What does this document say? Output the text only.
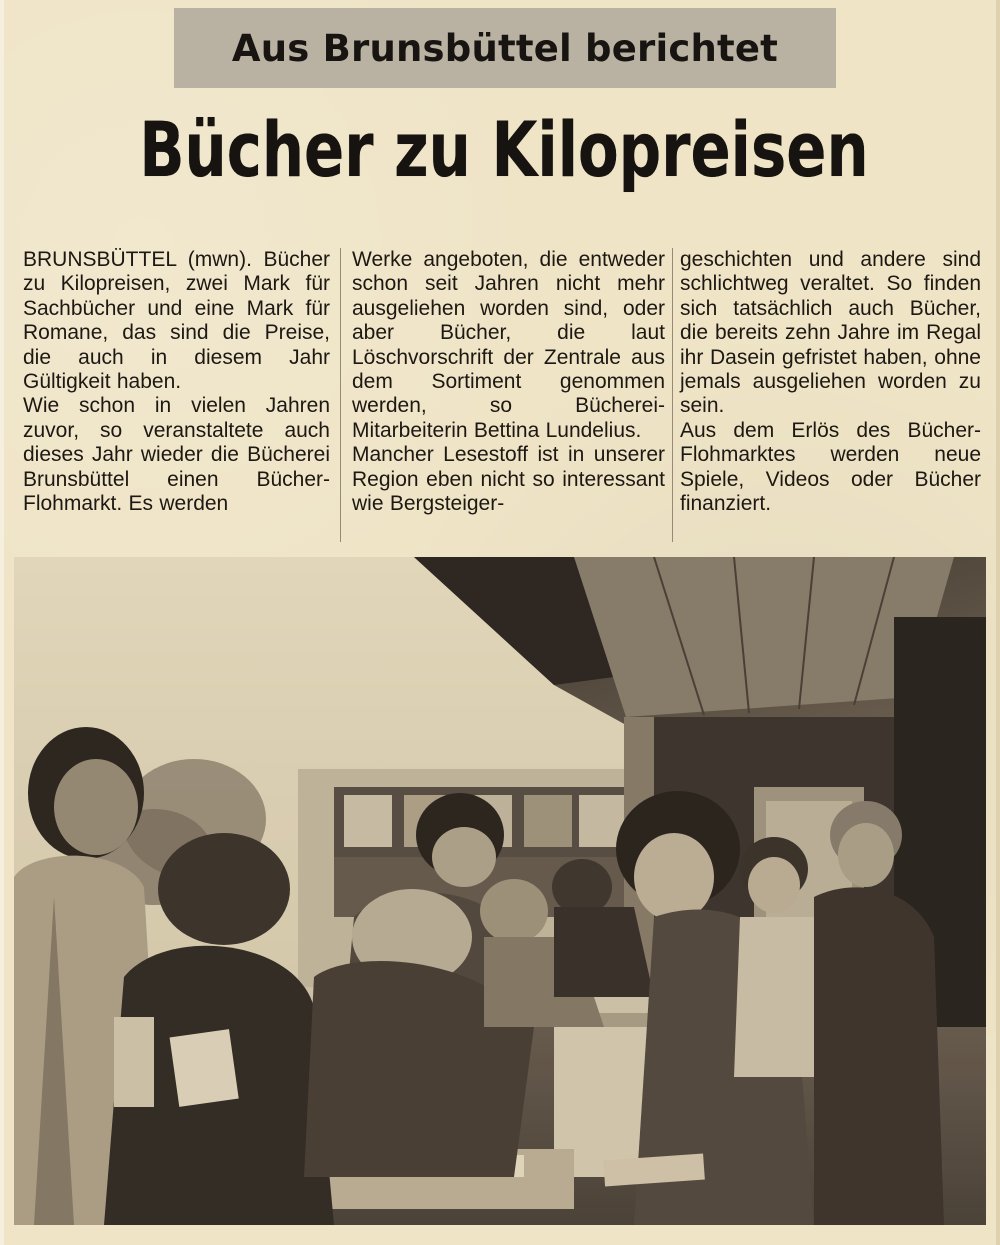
Aus Brunsbüttel berichtet
Bücher zu Kilopreisen

BRUNSBÜTTEL (mwn). Bücher zu Kilopreisen, zwei Mark für Sachbücher und eine Mark für Romane, das sind die Preise, die auch in diesem Jahr Gültigkeit haben.

Wie schon in vielen Jahren zuvor, so veranstaltete auch dieses Jahr wieder die Bücherei Brunsbüttel einen Bücher-Flohmarkt. Es werden

Werke angeboten, die entweder schon seit Jahren nicht mehr ausgeliehen worden sind, oder aber Bücher, die laut Löschvorschrift der Zentrale aus dem Sortiment genommen werden, so Bücherei-Mitarbeiterin Bettina Lundelius.

Mancher Lesestoff ist in unserer Region eben nicht so interessant wie Bergsteiger-

geschichten und andere sind schlichtweg veraltet. So finden sich tatsächlich auch Bücher, die bereits zehn Jahre im Regal ihr Dasein gefristet haben, ohne jemals ausgeliehen worden zu sein.

Aus dem Erlös des Bücher-Flohmarktes werden neue Spiele, Videos oder Bücher finanziert.
